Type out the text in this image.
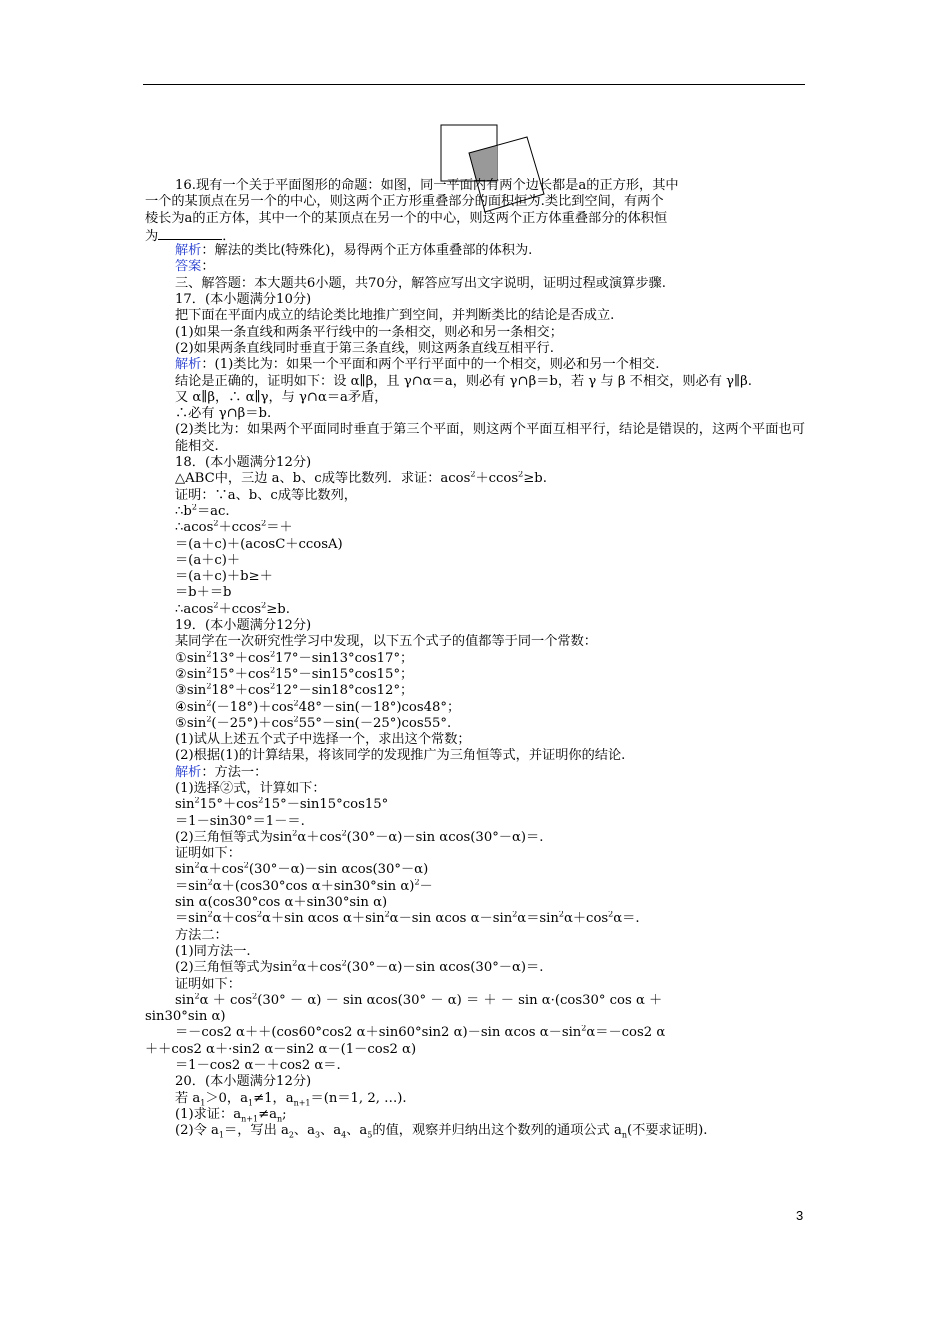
16.现有一个关于平面图形的命题：如图，同一平面内有两个边长都是a的正方形，其中
一个的某顶点在另一个的中心，则这两个正方形重叠部分的面积恒为.类比到空间，有两个
棱长为a的正方体，其中一个的某顶点在另一个的中心，则这两个正方体重叠部分的体积恒
为	．
解析：解法的类比(特殊化)，易得两个正方体重叠部的体积为.
答案：
三、解答题：本大题共6小题，共70分，解答应写出文字说明，证明过程或演算步骤.
17．(本小题满分10分)
把下面在平面内成立的结论类比地推广到空间，并判断类比的结论是否成立.
(1)如果一条直线和两条平行线中的一条相交，则必和另一条相交；
(2)如果两条直线同时垂直于第三条直线，则这两条直线互相平行.
解析：(1)类比为：如果一个平面和两个平行平面中的一个相交，则必和另一个相交.
结论是正确的，证明如下：设 α∥β，且 γ∩α＝a，则必有 γ∩β＝b，若 γ 与 β 不相交，则必有 γ∥β.
又 α∥β，∴ α∥γ，与 γ∩α＝a矛盾，
∴必有 γ∩β＝b.
(2)类比为：如果两个平面同时垂直于第三个平面，则这两个平面互相平行，结论是错误的，这两个平面也可能相交.
18．(本小题满分12分)
△ABC中，三边 a、b、c成等比数列．求证：acos$^2$＋ccos$^2$≥b.
证明：∵a、b、c成等比数列，
$\therefore b^2=ac$.
∴acos$^2$＋ccos$^2$＝＋
＝(a＋c)＋(acosC＋ccosA)
＝(a＋c)＋
＝(a＋c)＋b≥＋
＝b＋＝b
∴acos$^2$＋ccos$^2$≥b.
19．(本小题满分12分)
某同学在一次研究性学习中发现，以下五个式子的值都等于同一个常数：
$①\sin^213^\circ+\cos^217^\circ-\sin 13^\circ\cos 17^\circ$；
$②\sin^215^\circ+\cos^215^\circ-\sin 15^\circ\cos 15^\circ$；
$③\sin^218^\circ+\cos^212^\circ-\sin 18^\circ\cos 12^\circ$；
$④\sin^2(-18^\circ)+\cos^248^\circ-\sin(-18^\circ)\cos 48^\circ$；
$⑤\sin^2(-25^\circ)+\cos^255^\circ-\sin(-25^\circ)\cos 55^\circ$.
(1)试从上述五个式子中选择一个，求出这个常数；
(2)根据(1)的计算结果，将该同学的发现推广为三角恒等式，并证明你的结论.
解析：方法一：
(1)选择②式，计算如下：
$\sin^215^\circ+\cos^215^\circ-\sin 15^\circ\cos 15^\circ$
＝1－sin30°＝1－＝.
(2)三角恒等式为$\sin^2\alpha+\cos^2(30^\circ-\alpha)-\sin$ αcos(30°－α)＝.
证明如下：
$\sin^2\alpha+\cos^2(30^\circ-\alpha)-\sin$ αcos(30°－α)
$=\sin^2\alpha+(\cos 30^\circ\cos$ α＋sin30°sin α)$^2$－
sin α(cos30°cos α＋sin30°sin α)
$=\sin^2\alpha+\cos^2\alpha+\sin$ αcos $\alpha+\sin^2\alpha-\sin$ αcos $\alpha-\sin^2\alpha=\sin^2\alpha+\cos^2\alpha=$.
方法二：
(1)同方法一.
(2)三角恒等式为$\sin^2\alpha+\cos^2(30^\circ-\alpha)-\sin$ αcos(30°－α)＝.
证明如下：
$\sin^2\alpha + \cos^2(30^\circ - \alpha) - \sin \alpha\cos(30^\circ - \alpha)$ ＝ ＋ － sin α·(cos30° cos α ＋
sin30°sin α)
＝－cos2 α＋＋(cos60°cos2 α＋sin60°sin2 α)－sin αcos $\alpha-\sin^2\alpha=-\cos 2$ α
＋＋cos2 α＋·sin2 α－sin2 α－(1－cos2 α)
＝1－cos2 α－＋cos2 α＝.
20．(本小题满分12分)
若 $a_1>0$，$a_1\ne 1$，$a_{n+1}=(n=1$, 2, …).
(1)求证：$a_{n+1}\ne a_n$;
(2)令 $a_1=$，写出 $a_2$、$a_3$、$a_4$、$a_5$的值，观察并归纳出这个数列的通项公式 $a_n$(不要求证明).
3
